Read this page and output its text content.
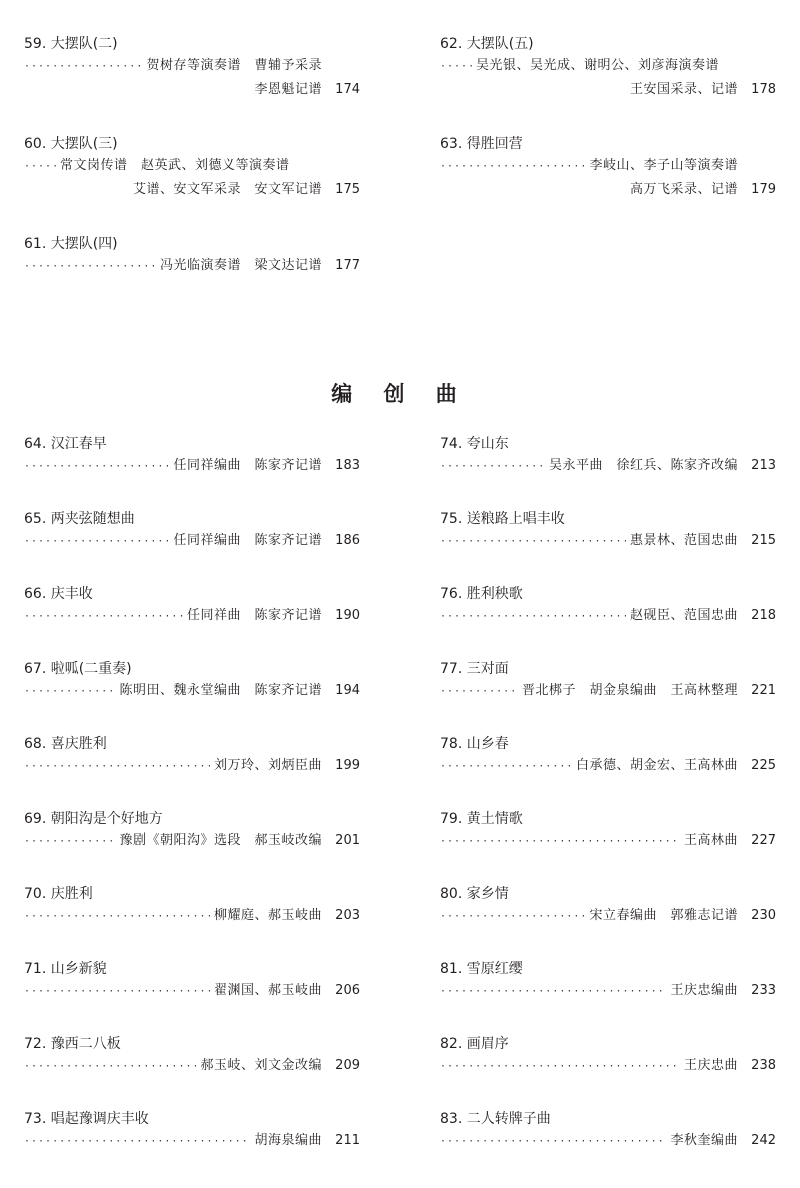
59. 大摆队(二)
·····
贺树存等演奏谱　曹辅予采录
李恩魁记谱	174
60. 大摆队(三)
·····
常文岗传谱　赵英武、刘德义等演奏谱
艾谱、安文军采录　安文军记谱	175
61. 大摆队(四)
·····
冯光临演奏谱　梁文达记谱	177
62. 大摆队(五)
·····
吴光银、吴光成、谢明公、刘彦海演奏谱
王安国采录、记谱	178
63. 得胜回营
·····
李岐山、李子山等演奏谱
高万飞采录、记谱	179
编 创 曲
64. 汉江春早
·····
任同祥编曲　陈家齐记谱	183
65. 两夹弦随想曲
·····
任同祥编曲　陈家齐记谱	186
66. 庆丰收
·····
任同祥曲　陈家齐记谱	190
67. 啦呱(二重奏)
·····
陈明田、魏永堂编曲　陈家齐记谱	194
68. 喜庆胜利
·····
刘万玲、刘炳臣曲	199
69. 朝阳沟是个好地方
·····
豫剧《朝阳沟》选段　郝玉岐改编	201
70. 庆胜利
·····
柳耀庭、郝玉岐曲	203
71. 山乡新貌
·····
翟渊国、郝玉岐曲	206
72. 豫西二八板
·····
郝玉岐、刘文金改编	209
73. 唱起豫调庆丰收
·····
胡海泉编曲	211
74. 夸山东
·····
吴永平曲　徐红兵、陈家齐改编	213
75. 送粮路上唱丰收
·····
惠景林、范国忠曲	215
76. 胜利秧歌
·····
赵砚臣、范国忠曲	218
77. 三对面
·····
晋北梆子　胡金泉编曲　王高林整理	221
78. 山乡春
·····
白承德、胡金宏、王高林曲	225
79. 黄土情歌
·····
王高林曲	227
80. 家乡情
·····
宋立春编曲　郭雅志记谱	230
81. 雪原红缨
·····
王庆忠编曲	233
82. 画眉序
·····
王庆忠曲	238
83. 二人转牌子曲
·····
李秋奎编曲	242
